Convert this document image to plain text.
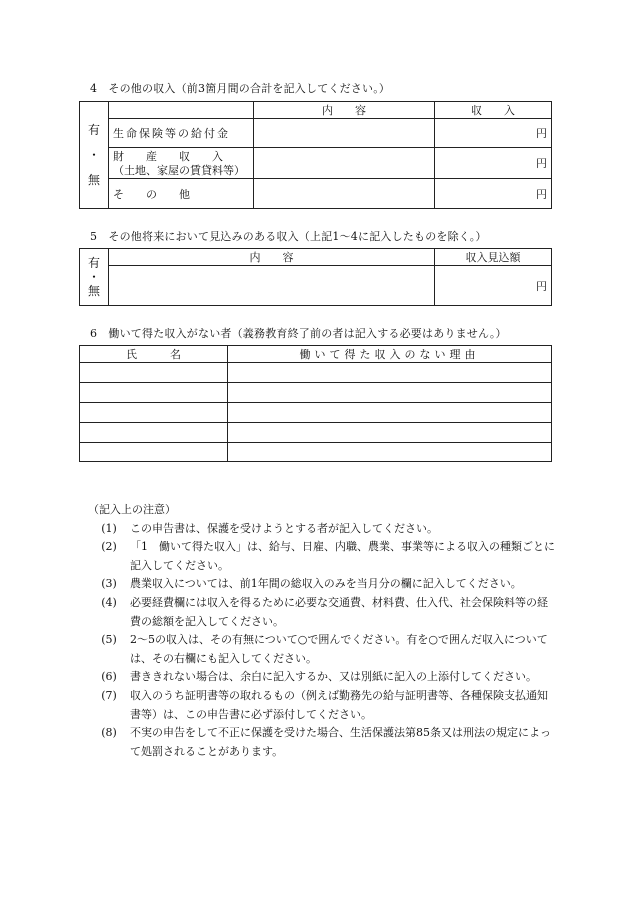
4　その他の収入（前3箇月間の合計を記入してください。）
有
・
無		内　　容	収　　入
	生命保険等の給付金		円

	財　　産　　収　　入
（土地、家屋の賃貸料等）		円
	そ　　の　　他		円
5　その他将来において見込みのある収入（上記1～4に記入したものを除く。）
有
・
無	内　　容	収入見込額
		円
6　働いて得た収入がない者（義務教育終了前の者は記入する必要はありません。）
氏　　　名	働いて得た収入のない理由

（記入上の注意）
(1) この申告書は、保護を受けようとする者が記入してください。
(2) 「1　働いて得た収入」は、給与、日雇、内職、農業、事業等による収入の種類ごとに記入してください。
(3) 農業収入については、前1年間の総収入のみを当月分の欄に記入してください。
(4) 必要経費欄には収入を得るために必要な交通費、材料費、仕入代、社会保険料等の経費の総額を記入してください。
(5) 2～5の収入は、その有無について○で囲んでください。有を○で囲んだ収入については、その右欄にも記入してください。
(6) 書ききれない場合は、余白に記入するか、又は別紙に記入の上添付してください。
(7) 収入のうち証明書等の取れるもの（例えば勤務先の給与証明書等、各種保険支払通知書等）は、この申告書に必ず添付してください。
(8) 不実の申告をして不正に保護を受けた場合、生活保護法第85条又は刑法の規定によって処罰されることがあります。
